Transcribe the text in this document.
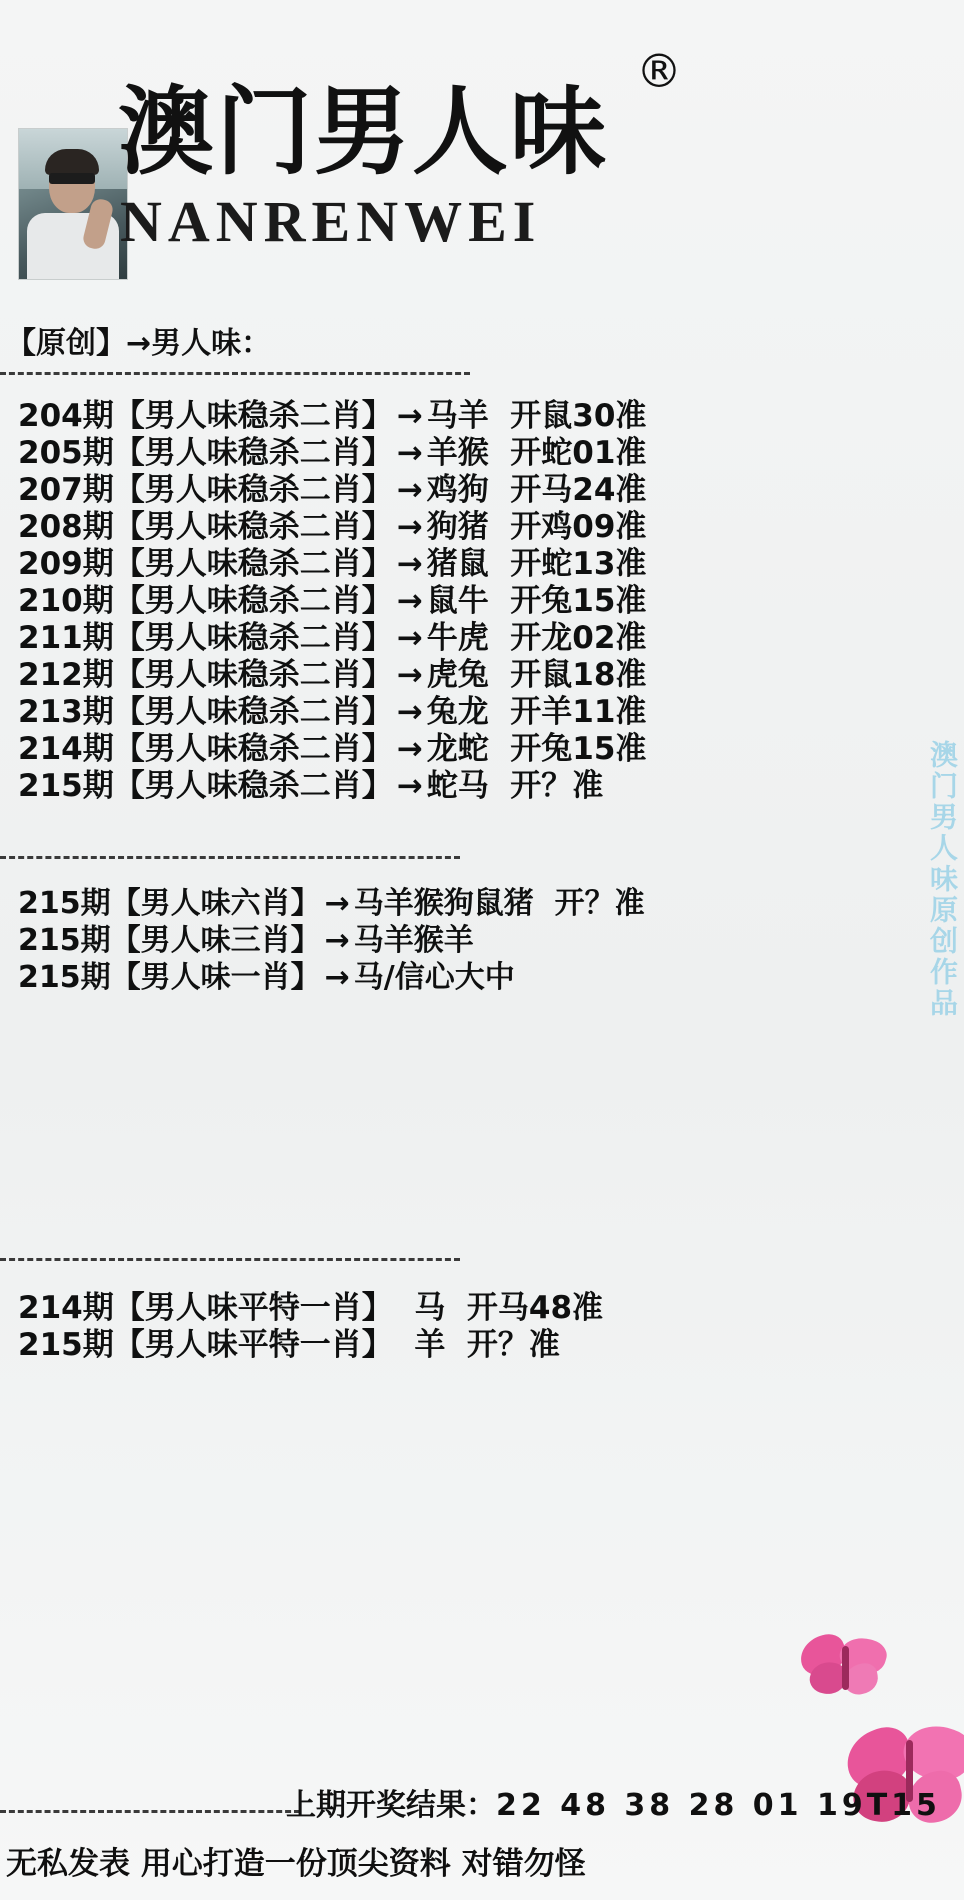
澳门男人味
®
NANRENWEI
【原创】→男人味：
204期【男人味稳杀二肖】 → 马羊 开鼠30准
205期【男人味稳杀二肖】 → 羊猴 开蛇01准
207期【男人味稳杀二肖】 → 鸡狗 开马24准
208期【男人味稳杀二肖】 → 狗猪 开鸡09准
209期【男人味稳杀二肖】 → 猪鼠 开蛇13准
210期【男人味稳杀二肖】 → 鼠牛 开兔15准
211期【男人味稳杀二肖】 → 牛虎 开龙02准
212期【男人味稳杀二肖】 → 虎兔 开鼠18准
213期【男人味稳杀二肖】 → 兔龙 开羊11准
214期【男人味稳杀二肖】 → 龙蛇 开兔15准
215期【男人味稳杀二肖】 → 蛇马 开？准
215期【男人味六肖】 → 马羊猴狗鼠猪 开？准
215期【男人味三肖】 → 马羊猴羊
215期【男人味一肖】 → 马/信心大中
214期【男人味平特一肖】 马 开马48准
215期【男人味平特一肖】 羊 开？准
澳门男人味原创作品
上期开奖结果：22 48 38 28 01 19T15
无私发表 用心打造一份顶尖资料 对错勿怪
